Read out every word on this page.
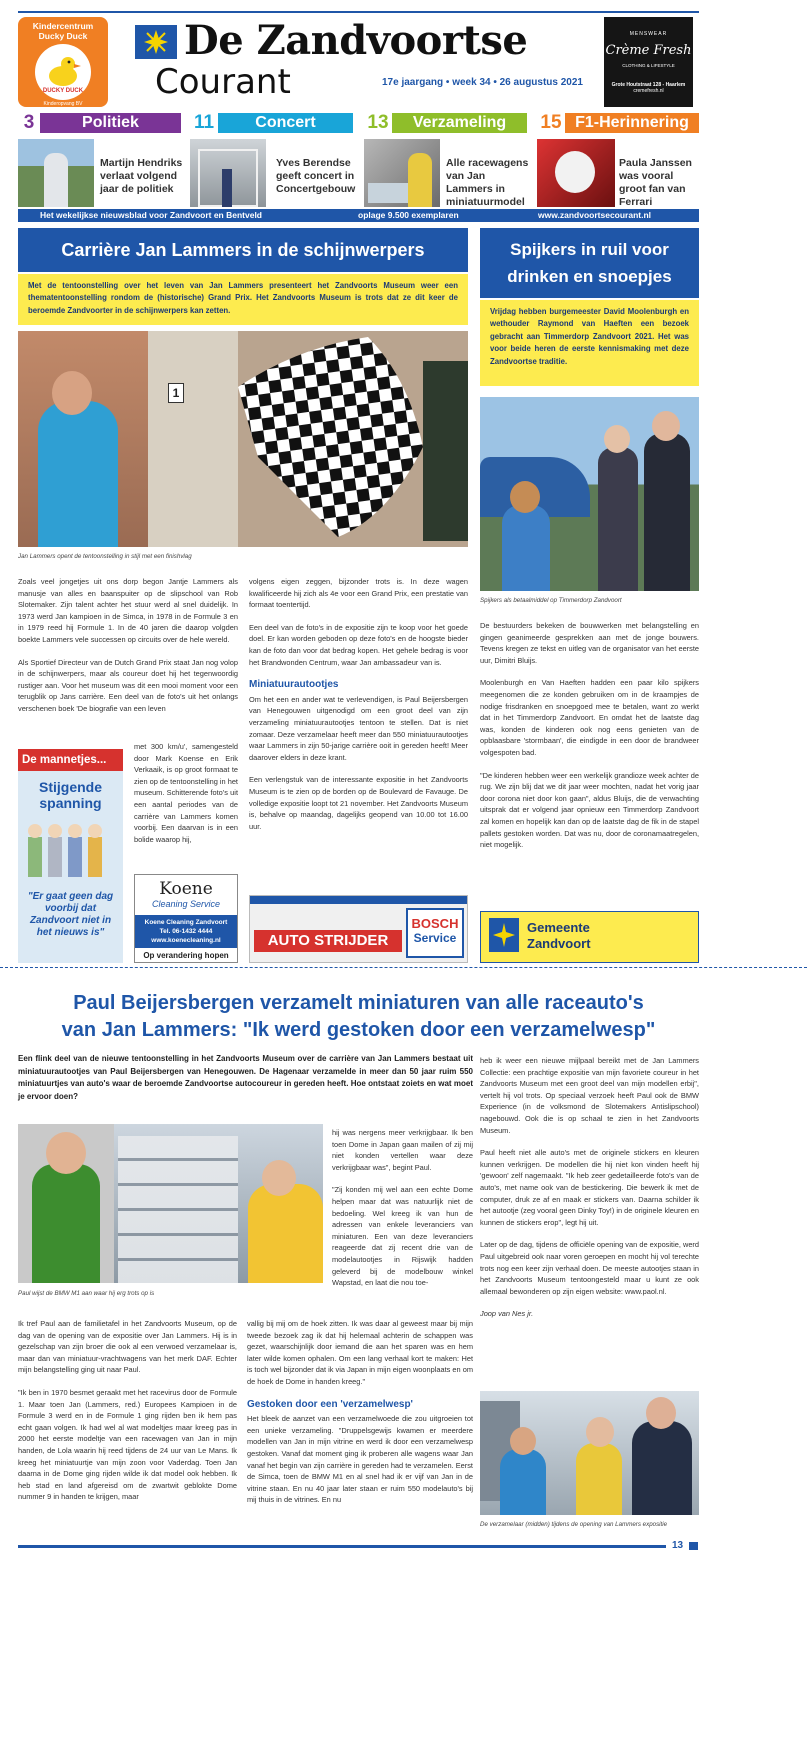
Kindercentrum
Ducky Duck
DUCKY DUCK
Kinderopvang BV
De Zandvoortse
Courant	17e jaargang • week 34 • 26 augustus 2021
MENSWEAR
Crème Fresh
CLOTHING & LIFESTYLE
Grote Houtstraat 128 - Haarlem
cremefresh.nl
3	Politiek
Martijn Hendriks verlaat volgend jaar de politiek
11	Concert
Yves Berendse geeft concert in Concertgebouw
13	Verzameling
Alle racewagens van Jan Lammers in miniatuurmodel
15 F1-Herinnering
Paula Janssen was vooral groot fan van Ferrari
Het wekelijkse nieuwsblad voor Zandvoort en Bentveld	oplage 9.500 exemplaren	www.zandvoortsecourant.nl
Carrière Jan Lammers in de schijnwerpers
Met de tentoonstelling over het leven van Jan Lammers presenteert het Zandvoorts Museum weer een thematentoonstelling rondom de (historische) Grand Prix. Het Zandvoorts Museum is trots dat ze dit keer de beroemde Zandvoorter in de schijnwerpers kan zetten.
1
Jan Lammers opent de tentoonstelling in stijl met een finishvlag

Zoals veel jongetjes uit ons dorp begon Jantje Lammers als manusje van alles en baanspuiter op de slipschool van Rob Slotemaker. Zijn talent achter het stuur werd al snel duidelijk. In 1973 werd Jan kampioen in de Simca, in 1978 in de Formule 3 en in 1979 reed hij Formule 1. In de 40 jaren die daarop volgden boekte Lammers vele successen op circuits over de hele wereld.

Als Sportief Directeur van de Dutch Grand Prix staat Jan nog volop in de schijnwerpers, maar als coureur doet hij het tegenwoordig rustiger aan. Voor het museum was dit een mooi moment voor een terugblik op Jans carrière. Een deel van de foto's uit het onlangs verschenen boek 'De biografie van een leven

met 300 km/u', samengesteld door Mark Koense en Erik Verkaaik, is op groot formaat te zien op de tentoonstelling in het museum. Schitterende foto's uit een aantal periodes van de carrière van Lammers komen voorbij. Een daarvan is in een bolide waarop hij,

volgens eigen zeggen, bijzonder trots is. In deze wagen kwalificeerde hij zich als 4e voor een Grand Prix, een prestatie van formaat toentertijd.

Een deel van de foto's in de expositie zijn te koop voor het goede doel. Er kan worden geboden op deze foto's en de hoogste bieder kan de foto dan voor dat bedrag kopen. Het gehele bedrag is voor het Brandwonden Centrum, waar Jan ambassadeur van is.

Miniatuurautootjes

Om het een en ander wat te verlevendigen, is Paul Beijersbergen van Henegouwen uitgenodigd om een groot deel van zijn verzameling miniatuurautootjes tentoon te stellen. Dat is niet zomaar. Deze verzamelaar heeft meer dan 550 miniatuurautootjes waar Lammers in zijn 50-jarige carrière ooit in gereden heeft! Meer daarover elders in deze krant.

Een verlengstuk van de interessante expositie in het Zandvoorts Museum is te zien op de borden op de Boulevard de Favauge. De volledige expositie loopt tot 21 november. Het Zandvoorts Museum is, behalve op maandag, dagelijks geopend van 10.00 tot 16.00 uur.

De mannetjes...
Stijgende spanning
"Er gaat geen dag voorbij dat Zandvoort niet in het nieuws is"
Koene
Cleaning Service
Koene Cleaning Zandvoort
Tel. 06-1432 4444
www.koenecleaning.nl
Op verandering hopen
AUTO STRIJDER
BOSCH
Service
Spijkers in ruil voor drinken en snoepjes
Vrijdag hebben burgemeester David Moolenburgh en wethouder Raymond van Haeften een bezoek gebracht aan Timmerdorp Zandvoort 2021. Het was voor beide heren de eerste kennismaking met deze Zandvoortse traditie.
Spijkers als betaalmiddel op Timmerdorp Zandvoort

De bestuurders bekeken de bouwwerken met belangstelling en gingen geanimeerde gesprekken aan met de jonge bouwers. Tevens kregen ze tekst en uitleg van de organisator van het eerste uur, Dimitri Bluijs.

Moolenburgh en Van Haeften hadden een paar kilo spijkers meegenomen die ze konden gebruiken om in de kraampjes de nodige frisdranken en snoepgoed mee te betalen, want zo werkt dat in het Timmerdorp Zandvoort. En omdat het de laatste dag was, konden de kinderen ook nog eens genieten van de opblaasbare 'stormbaan', die eindigde in een door de brandweer volgespoten bad.

"De kinderen hebben weer een werkelijk grandioze week achter de rug. We zijn blij dat we dit jaar weer mochten, nadat het vorig jaar door corona niet door kon gaan", aldus Bluijs, die de verwachting uitsprak dat er volgend jaar opnieuw een Timmerdorp Zandvoort zal komen en hopelijk kan dan op de laatste dag de fik in de stapel pallets gestoken worden. Dat was nu, door de coronamaatregelen, niet mogelijk.

Gemeente
Zandvoort
Paul Beijersbergen verzamelt miniaturen van alle raceauto's
van Jan Lammers: "Ik werd gestoken door een verzamelwesp"
Een flink deel van de nieuwe tentoonstelling in het Zandvoorts Museum over de carrière van Jan Lammers bestaat uit miniatuurautootjes van Paul Beijersbergen van Henegouwen. De Hagenaar verzamelde in meer dan 50 jaar ruim 550 miniatuurtjes van auto's waar de beroemde Zandvoortse autocoureur in gereden heeft. Hoe ontstaat zoiets en wat moet je ervoor doen?
Paul wijst de BMW M1 aan waar hij erg trots op is

hij was nergens meer verkrijgbaar. Ik ben toen Dome in Japan gaan mailen of zij mij niet konden vertellen waar deze verkrijgbaar was", begint Paul.

"Zij konden mij wel aan een echte Dome helpen maar dat was natuurlijk niet de bedoeling. Wel kreeg ik van hun de adressen van enkele leveranciers van miniaturen. Een van deze leveranciers reageerde dat zij recent drie van de modelautootjes in Rijswijk hadden geleverd bij de modelbouw winkel Wapstad, en laat die nou toe-

Ik tref Paul aan de familietafel in het Zandvoorts Museum, op de dag van de opening van de expositie over Jan Lammers. Hij is in gezelschap van zijn broer die ook al een verwoed verzamelaar is, maar dan van miniatuur-vrachtwagens van het merk DAF. Echter mijn belangstelling ging uit naar Paul.

"Ik ben in 1970 besmet geraakt met het racevirus door de Formule 1. Maar toen Jan (Lammers, red.) Europees Kampioen in de Formule 3 werd en in de Formule 1 ging rijden ben ik hem pas echt gaan volgen. Ik had wel al wat modeltjes maar kreeg pas in 2000 het eerste modeltje van een racewagen van Jan in mijn handen, de Lola waarin hij reed tijdens de 24 uur van Le Mans. Ik kreeg het miniatuurtje van mijn zoon voor Vaderdag. Toen Jan daarna in de Dome ging rijden wilde ik dat model ook hebben. Ik heb stad en land afgereisd om de zwartwit geblokte Dome nummer 9 in handen te krijgen, maar

vallig bij mij om de hoek zitten. Ik was daar al geweest maar bij mijn tweede bezoek zag ik dat hij helemaal achterin de schappen was gezet, waarschijnlijk door iemand die aan het sparen was en hem later wilde komen ophalen. Om een lang verhaal kort te maken: Het is toch wel bijzonder dat ik via Japan in mijn eigen woonplaats en om de hoek de Dome in handen kreeg."

Gestoken door een 'verzamelwesp'

Het bleek de aanzet van een verzamelwoede die zou uitgroeien tot een unieke verzameling. "Druppelsgewijs kwamen er meerdere modellen van Jan in mijn vitrine en werd ik door een verzamelwesp gestoken. Vanaf dat moment ging ik proberen alle wagens waar Jan vanaf het begin van zijn carrière in gereden had te verzamelen. Eerst de Simca, toen de BMW M1 en al snel had ik er vijf van Jan in de vitrine staan. En nu 40 jaar later staan er ruim 550 modelauto's bij mij thuis in de vitrines. En nu

heb ik weer een nieuwe mijlpaal bereikt met de Jan Lammers Collectie: een prachtige expositie van mijn favoriete coureur in het Zandvoorts Museum met een groot deel van mijn modellen erbij", vertelt hij vol trots. Op speciaal verzoek heeft Paul ook de BMW Experience (in de volksmond de Slotemakers Antislipschool) nagebouwd. Ook die is op schaal te zien in het Zandvoorts Museum.

Paul heeft niet alle auto's met de originele stickers en kleuren kunnen verkrijgen. De modellen die hij niet kon vinden heeft hij 'gewoon' zelf nagemaakt. "Ik heb zeer gedetailleerde foto's van de auto's, met name ook van de bestickering. Die bewerk ik met de computer, druk ze af en maak er stickers van. Daarna schilder ik het autootje (zeg vooral geen Dinky Toy!) in de originele kleuren en kunnen de stickers erop", legt hij uit.

Later op de dag, tijdens de officiële opening van de expositie, werd Paul uitgebreid ook naar voren geroepen en mocht hij vol terechte trots nog een keer zijn verhaal doen. De meeste autootjes staan in het Zandvoorts Museum tentoongesteld maar u kunt ze ook allemaal bewonderen op zijn eigen website: www.paol.nl.

Joop van Nes jr.

De verzamelaar (midden) tijdens de opening van Lammers expositie
13
